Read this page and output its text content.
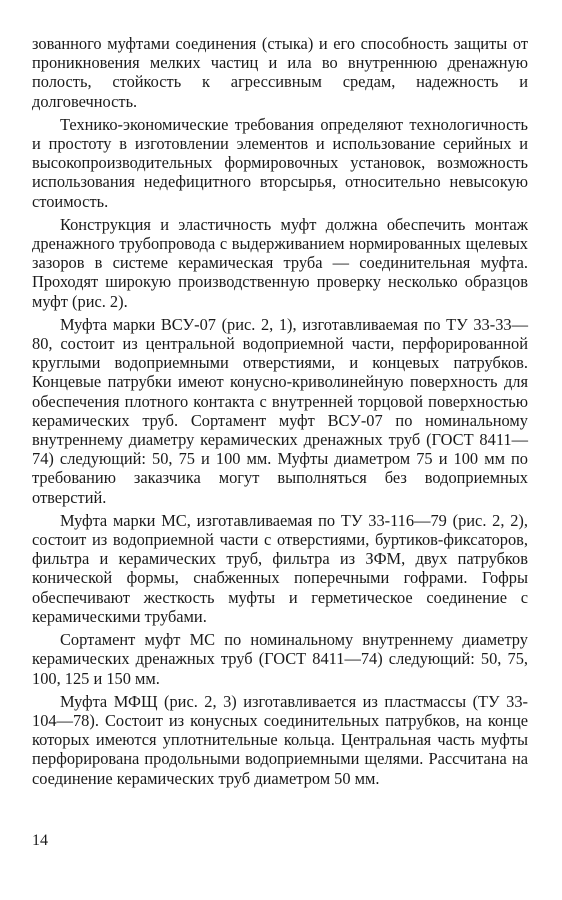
зованного муфтами соединения (стыка) и его способность защиты от проникновения мелких частиц и ила во внутреннюю дренажную полость, стойкость к агрессивным средам, надежность и долговечность.

Технико-экономические требования определяют технологичность и простоту в изготовлении элементов и использование серийных и высокопроизводительных формировочных установок, возможность использования недефицитного вторсырья, относительно невысокую стоимость.

Конструкция и эластичность муфт должна обеспечить монтаж дренажного трубопровода с выдерживанием нормированных щелевых зазоров в системе керамическая труба — соединительная муфта. Проходят широкую производственную проверку несколько образцов муфт (рис. 2).

Муфта марки ВСУ-07 (рис. 2, 1), изготавливаемая по ТУ 33-33—80, состоит из центральной водоприемной части, перфорированной круглыми водоприемными отверстиями, и концевых патрубков. Концевые патрубки имеют конусно-криволинейную поверхность для обеспечения плотного контакта с внутренней торцовой поверхностью керамических труб. Сортамент муфт ВСУ-07 по номинальному внутреннему диаметру керамических дренажных труб (ГОСТ 8411—74) следующий: 50, 75 и 100 мм. Муфты диаметром 75 и 100 мм по требованию заказчика могут выполняться без водоприемных отверстий.

Муфта марки МС, изготавливаемая по ТУ 33-116—79 (рис. 2, 2), состоит из водоприемной части с отверстиями, буртиков-фиксаторов, фильтра и керамических труб, фильтра из ЗФМ, двух патрубков конической формы, снабженных поперечными гофрами. Гофры обеспечивают жесткость муфты и герметическое соединение с керамическими трубами.

Сортамент муфт МС по номинальному внутреннему диаметру керамических дренажных труб (ГОСТ 8411—74) следующий: 50, 75, 100, 125 и 150 мм.

Муфта МФЩ (рис. 2, 3) изготавливается из пластмассы (ТУ 33-104—78). Состоит из конусных соединительных патрубков, на конце которых имеются уплотнительные кольца. Центральная часть муфты перфорирована продольными водоприемными щелями. Рассчитана на соединение керамических труб диаметром 50 мм.

14
